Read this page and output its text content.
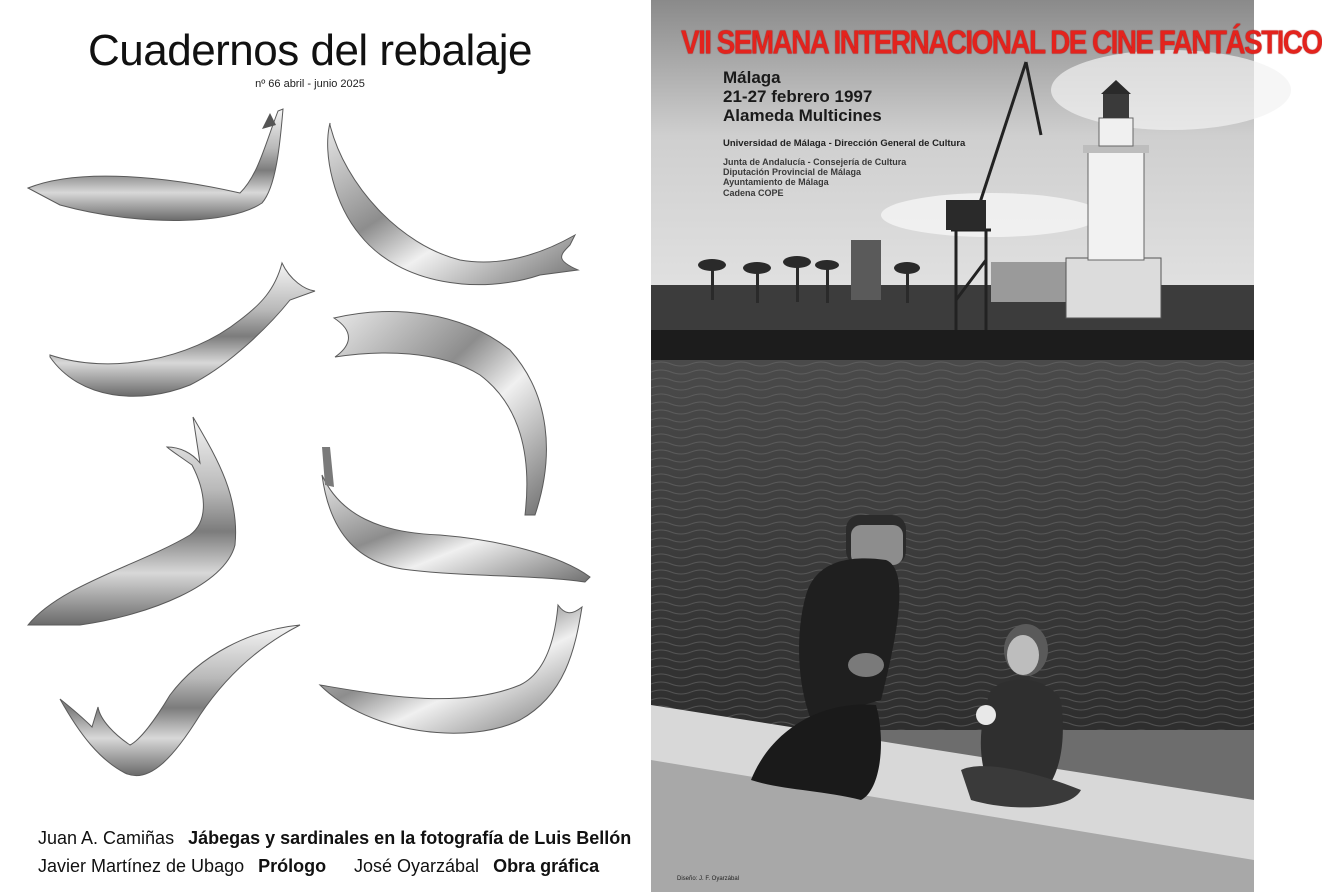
Cuadernos del rebalaje
nº 66 abril - junio 2025
Juan A. Camiñas Jábegas y sardinales en la fotografía de Luis Bellón
Javier Martínez de Ubago Prólogo José Oyarzábal Obra gráfica
VII SEMANA INTERNACIONAL DE CINE FANTÁSTICO
Málaga
21-27 febrero 1997
Alameda Multicines
Universidad de Málaga - Dirección General de Cultura
Junta de Andalucía - Consejería de Cultura
Diputación Provincial de Málaga
Ayuntamiento de Málaga
Cadena COPE
Diseño: J. F. Oyarzábal
